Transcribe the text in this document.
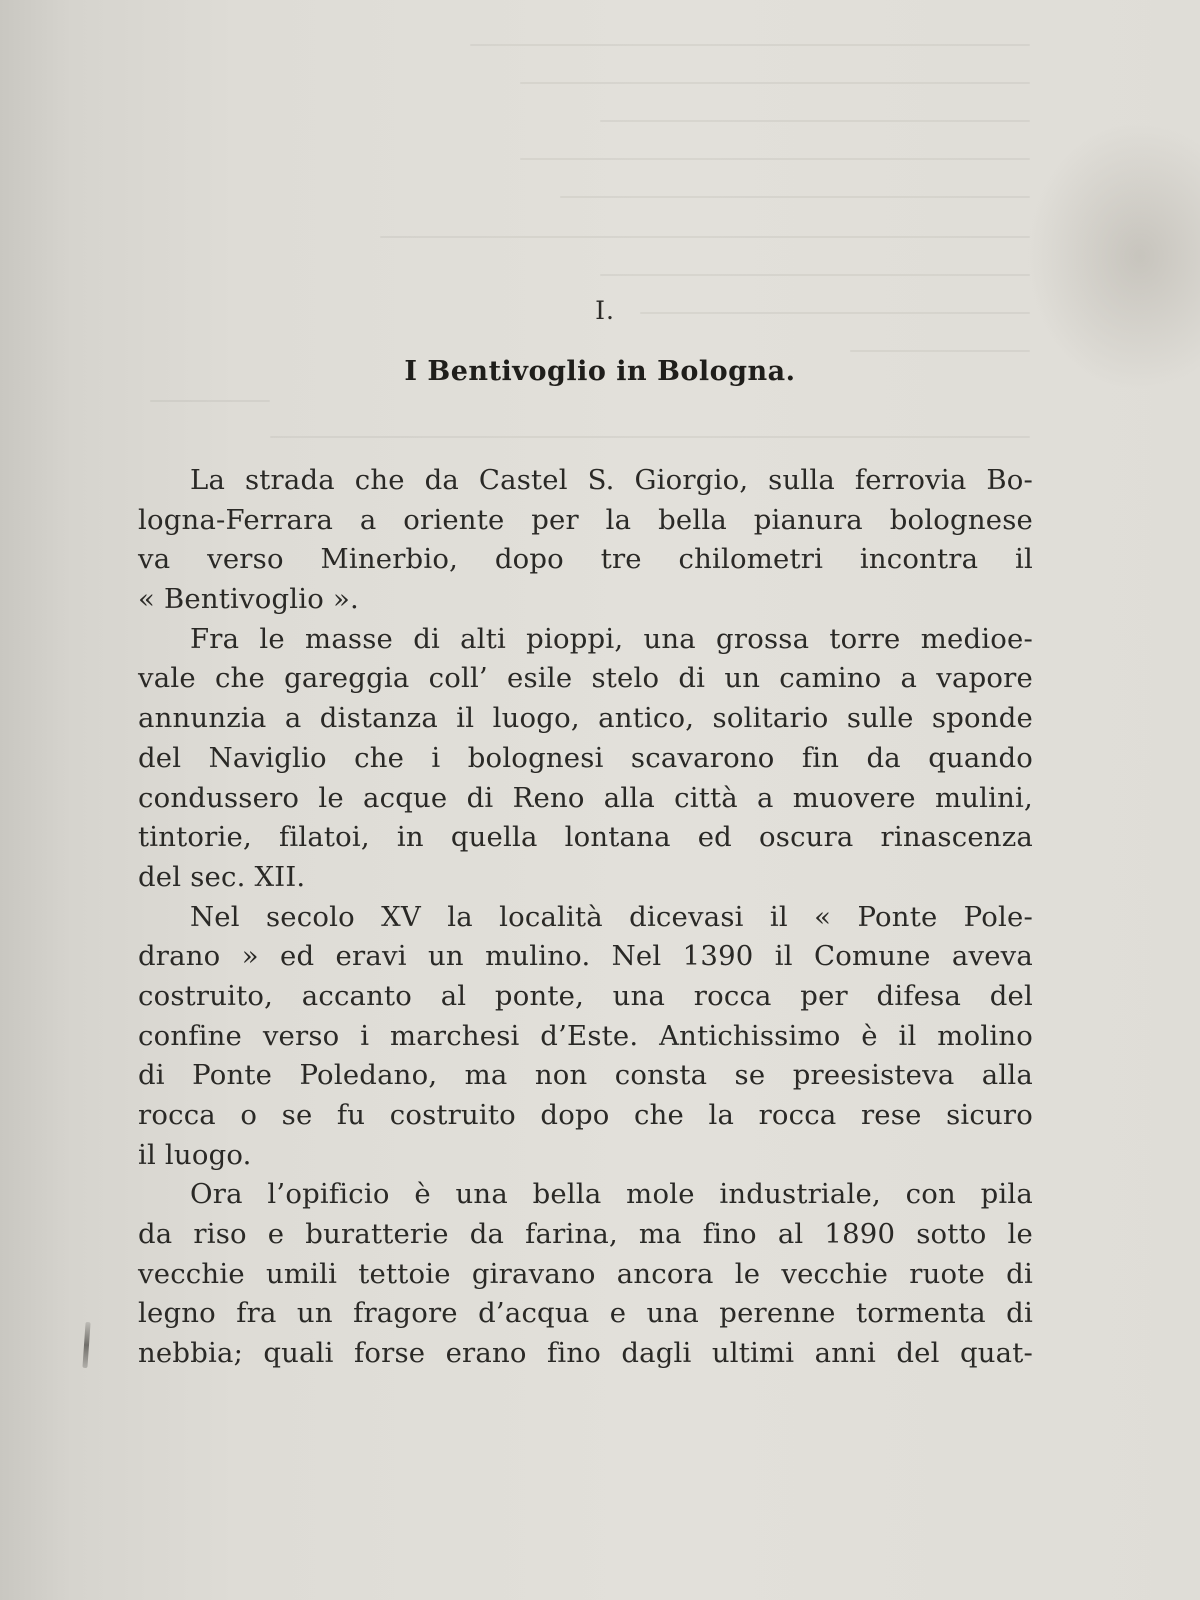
I.
I Bentivoglio in Bologna.
La strada che da Castel S. Giorgio, sulla ferrovia Bo-
logna-Ferrara a oriente per la bella pianura bolognese
va verso Minerbio, dopo tre chilometri incontra il
« Bentivoglio ».
Fra le masse di alti pioppi, una grossa torre medioe-
vale che gareggia coll’ esile stelo di un camino a vapore
annunzia a distanza il luogo, antico, solitario sulle sponde
del Naviglio che i bolognesi scavarono fin da quando
condussero le acque di Reno alla città a muovere mulini,
tintorie, filatoi, in quella lontana ed oscura rinascenza
del sec. XII.
Nel secolo XV la località dicevasi il « Ponte Pole-
drano » ed eravi un mulino. Nel 1390 il Comune aveva
costruito, accanto al ponte, una rocca per difesa del
confine verso i marchesi d’Este. Antichissimo è il molino
di Ponte Poledano, ma non consta se preesisteva alla
rocca o se fu costruito dopo che la rocca rese sicuro
il luogo.
Ora l’opificio è una bella mole industriale, con pila
da riso e buratterie da farina, ma fino al 1890 sotto le
vecchie umili tettoie giravano ancora le vecchie ruote di
legno fra un fragore d’acqua e una perenne tormenta di
nebbia; quali forse erano fino dagli ultimi anni del quat-
